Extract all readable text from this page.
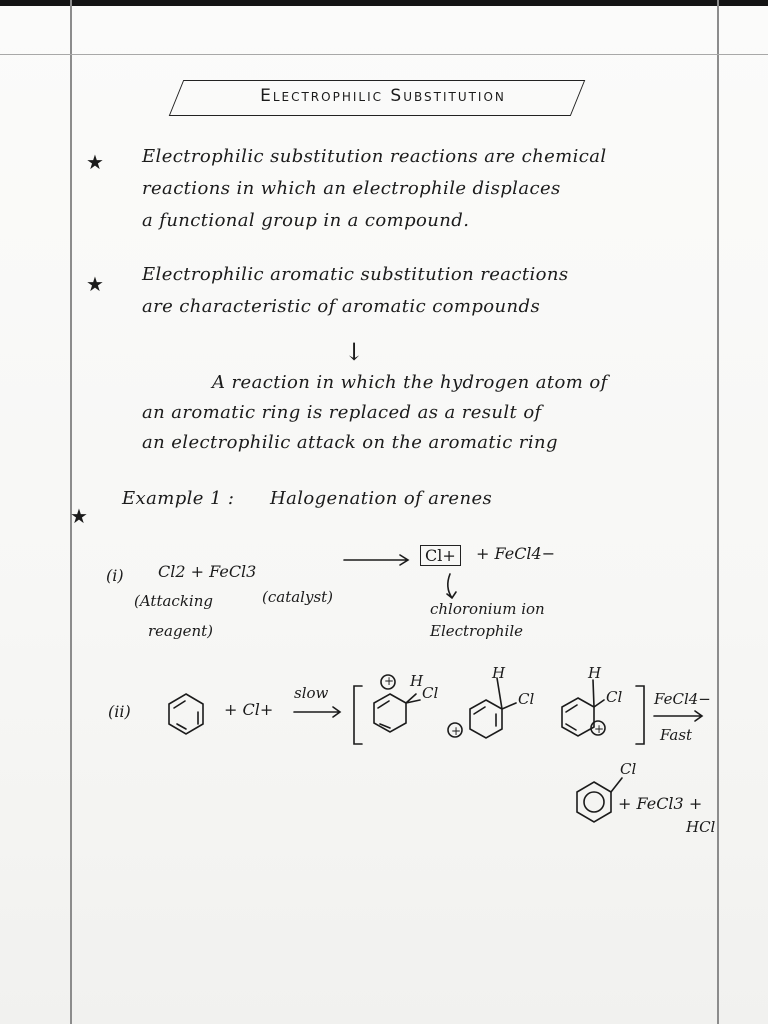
Electrophilic Substitution
★ Electrophilic substitution reactions are chemical
reactions in which an electrophile displaces
a functional group in a compound.
★ Electrophilic aromatic substitution reactions
are characteristic of aromatic compounds
↓
A reaction in which the hydrogen atom of
an aromatic ring is replaced as a result of
an electrophilic attack on the aromatic ring
★
Example 1 : Halogenation of arenes
(i) Cl2 + FeCl3
Cl+	+ FeCl4−
(Attacking	(catalyst)
reagent)
chloronium ion
Electrophile
(ii)	+ Cl+
slow
H
Cl
+	H
Cl
+
H
Cl
+
FeCl4−
Fast
Cl
+ FeCl3 +
HCl
